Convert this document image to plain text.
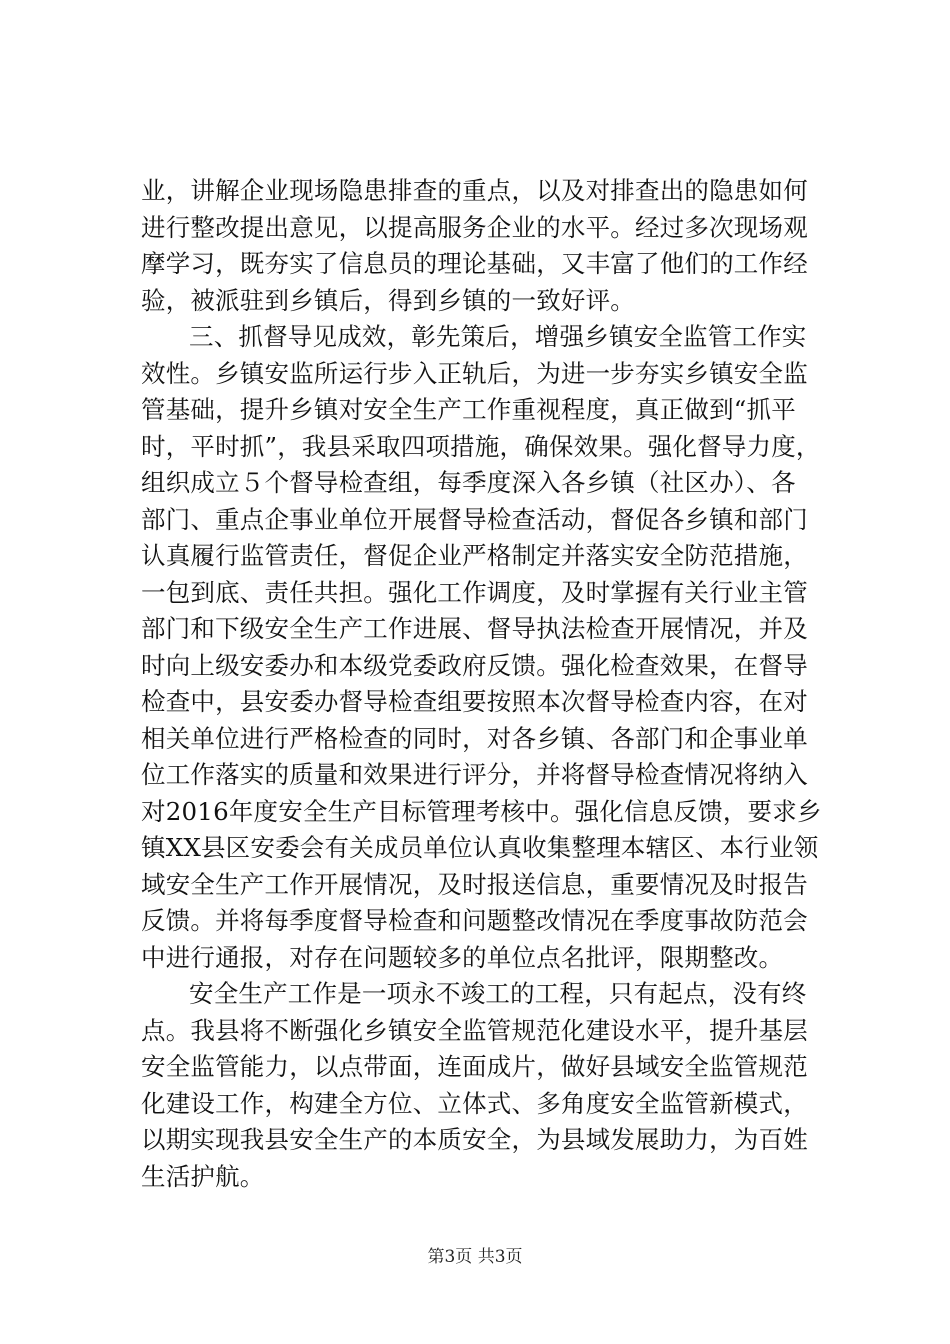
业，讲解企业现场隐患排查的重点，以及对排查出的隐患如何
进行整改提出意见，以提高服务企业的水平。经过多次现场观
摩学习，既夯实了信息员的理论基础，又丰富了他们的工作经
验，被派驻到乡镇后，得到乡镇的一致好评。
三、抓督导见成效，彰先策后，增强乡镇安全监管工作实
效性。乡镇安监所运行步入正轨后，为进一步夯实乡镇安全监
管基础，提升乡镇对安全生产工作重视程度，真正做到“抓平
时，平时抓”，我县采取四项措施，确保效果。强化督导力度，
组织成立５个督导检查组，每季度深入各乡镇（社区办）、各
部门、重点企事业单位开展督导检查活动，督促各乡镇和部门
认真履行监管责任，督促企业严格制定并落实安全防范措施，
一包到底、责任共担。强化工作调度，及时掌握有关行业主管
部门和下级安全生产工作进展、督导执法检查开展情况，并及
时向上级安委办和本级党委政府反馈。强化检查效果，在督导
检查中，县安委办督导检查组要按照本次督导检查内容，在对
相关单位进行严格检查的同时，对各乡镇、各部门和企事业单
位工作落实的质量和效果进行评分，并将督导检查情况将纳入
对2016年度安全生产目标管理考核中。强化信息反馈，要求乡
镇XX县区安委会有关成员单位认真收集整理本辖区、本行业领
域安全生产工作开展情况，及时报送信息，重要情况及时报告
反馈。并将每季度督导检查和问题整改情况在季度事故防范会
中进行通报，对存在问题较多的单位点名批评，限期整改。
安全生产工作是一项永不竣工的工程，只有起点，没有终
点。我县将不断强化乡镇安全监管规范化建设水平，提升基层
安全监管能力，以点带面，连面成片，做好县域安全监管规范
化建设工作，构建全方位、立体式、多角度安全监管新模式，
以期实现我县安全生产的本质安全，为县域发展助力，为百姓
生活护航。
第3页 共3页
